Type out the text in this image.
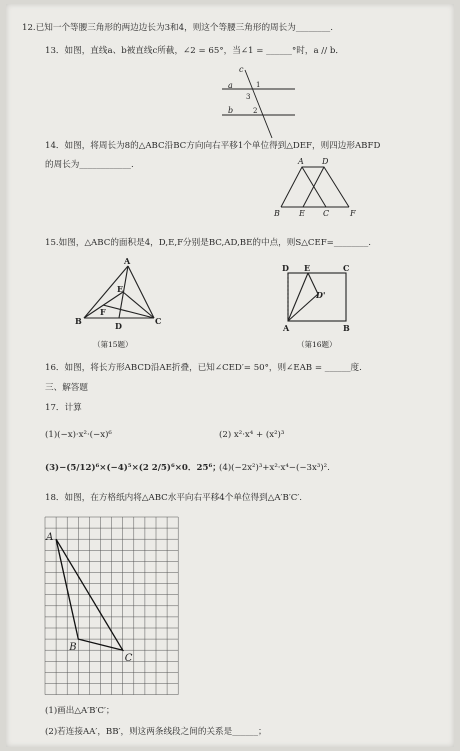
12.已知一个等腰三角形的两边边长为3和4，则这个等腰三角形的周长为________.
13．如图，直线a、b被直线c所截，∠2 = 65°，当∠1 = ______°时，a // b．
c
a
b
1
3
2
14．如图，将周长为8的△ABC沿BC方向向右平移1个单位得到△DEF，则四边形ABFD
的周长为____________.	A D
B E C	F
15.如图，△ABC的面积是4，D,E,F分别是BC,AD,BE的中点，则S△CEF=________.
A
E
F
B	D	C
（第15题）
D E	C
D'
A	B
（第16题）
16．如图，将长方形ABCD沿AE折叠，已知∠CED′= 50°，则∠EAB = ______度.
三、解答题
17．计算
(1)(−x)·x²·(−x)⁶	(2) x²·x⁴ + (x²)³
(3)−(5/12)⁶×(−4)⁵×(2 2/5)⁶×0．25⁶；
(4)(−2x²)³+x²·x⁴−(−3x³)².
18．如图，在方格纸内将△ABC水平向右平移4个单位得到△A′B′C′.
A
B
C
(1)画出△A′B′C′；
(2)若连接AA′，BB′，则这两条线段之间的关系是______；
